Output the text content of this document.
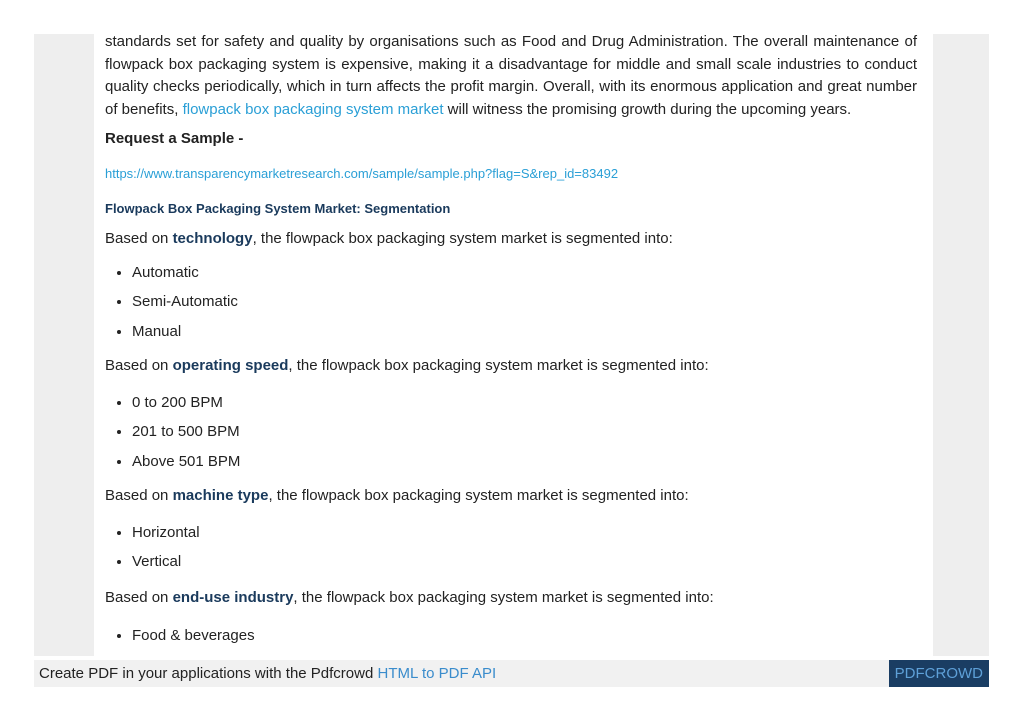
standards set for safety and quality by organisations such as Food and Drug Administration. The overall maintenance of flowpack box packaging system is expensive, making it a disadvantage for middle and small scale industries to conduct quality checks periodically, which in turn affects the profit margin. Overall, with its enormous application and great number of benefits, flowpack box packaging system market will witness the promising growth during the upcoming years.

Request a Sample -

https://www.transparencymarketresearch.com/sample/sample.php?flag=S&rep_id=83492
Flowpack Box Packaging System Market: Segmentation

Based on technology, the flowpack box packaging system market is segmented into:

• Automatic
• Semi-Automatic
• Manual

Based on operating speed, the flowpack box packaging system market is segmented into:

• 0 to 200 BPM
• 201 to 500 BPM
• Above 501 BPM

Based on machine type, the flowpack box packaging system market is segmented into:

• Horizontal
• Vertical

Based on end-use industry, the flowpack box packaging system market is segmented into:

• Food & beverages
Create PDF in your applications with the Pdfcrowd HTML to PDF API	PDFCROWD
